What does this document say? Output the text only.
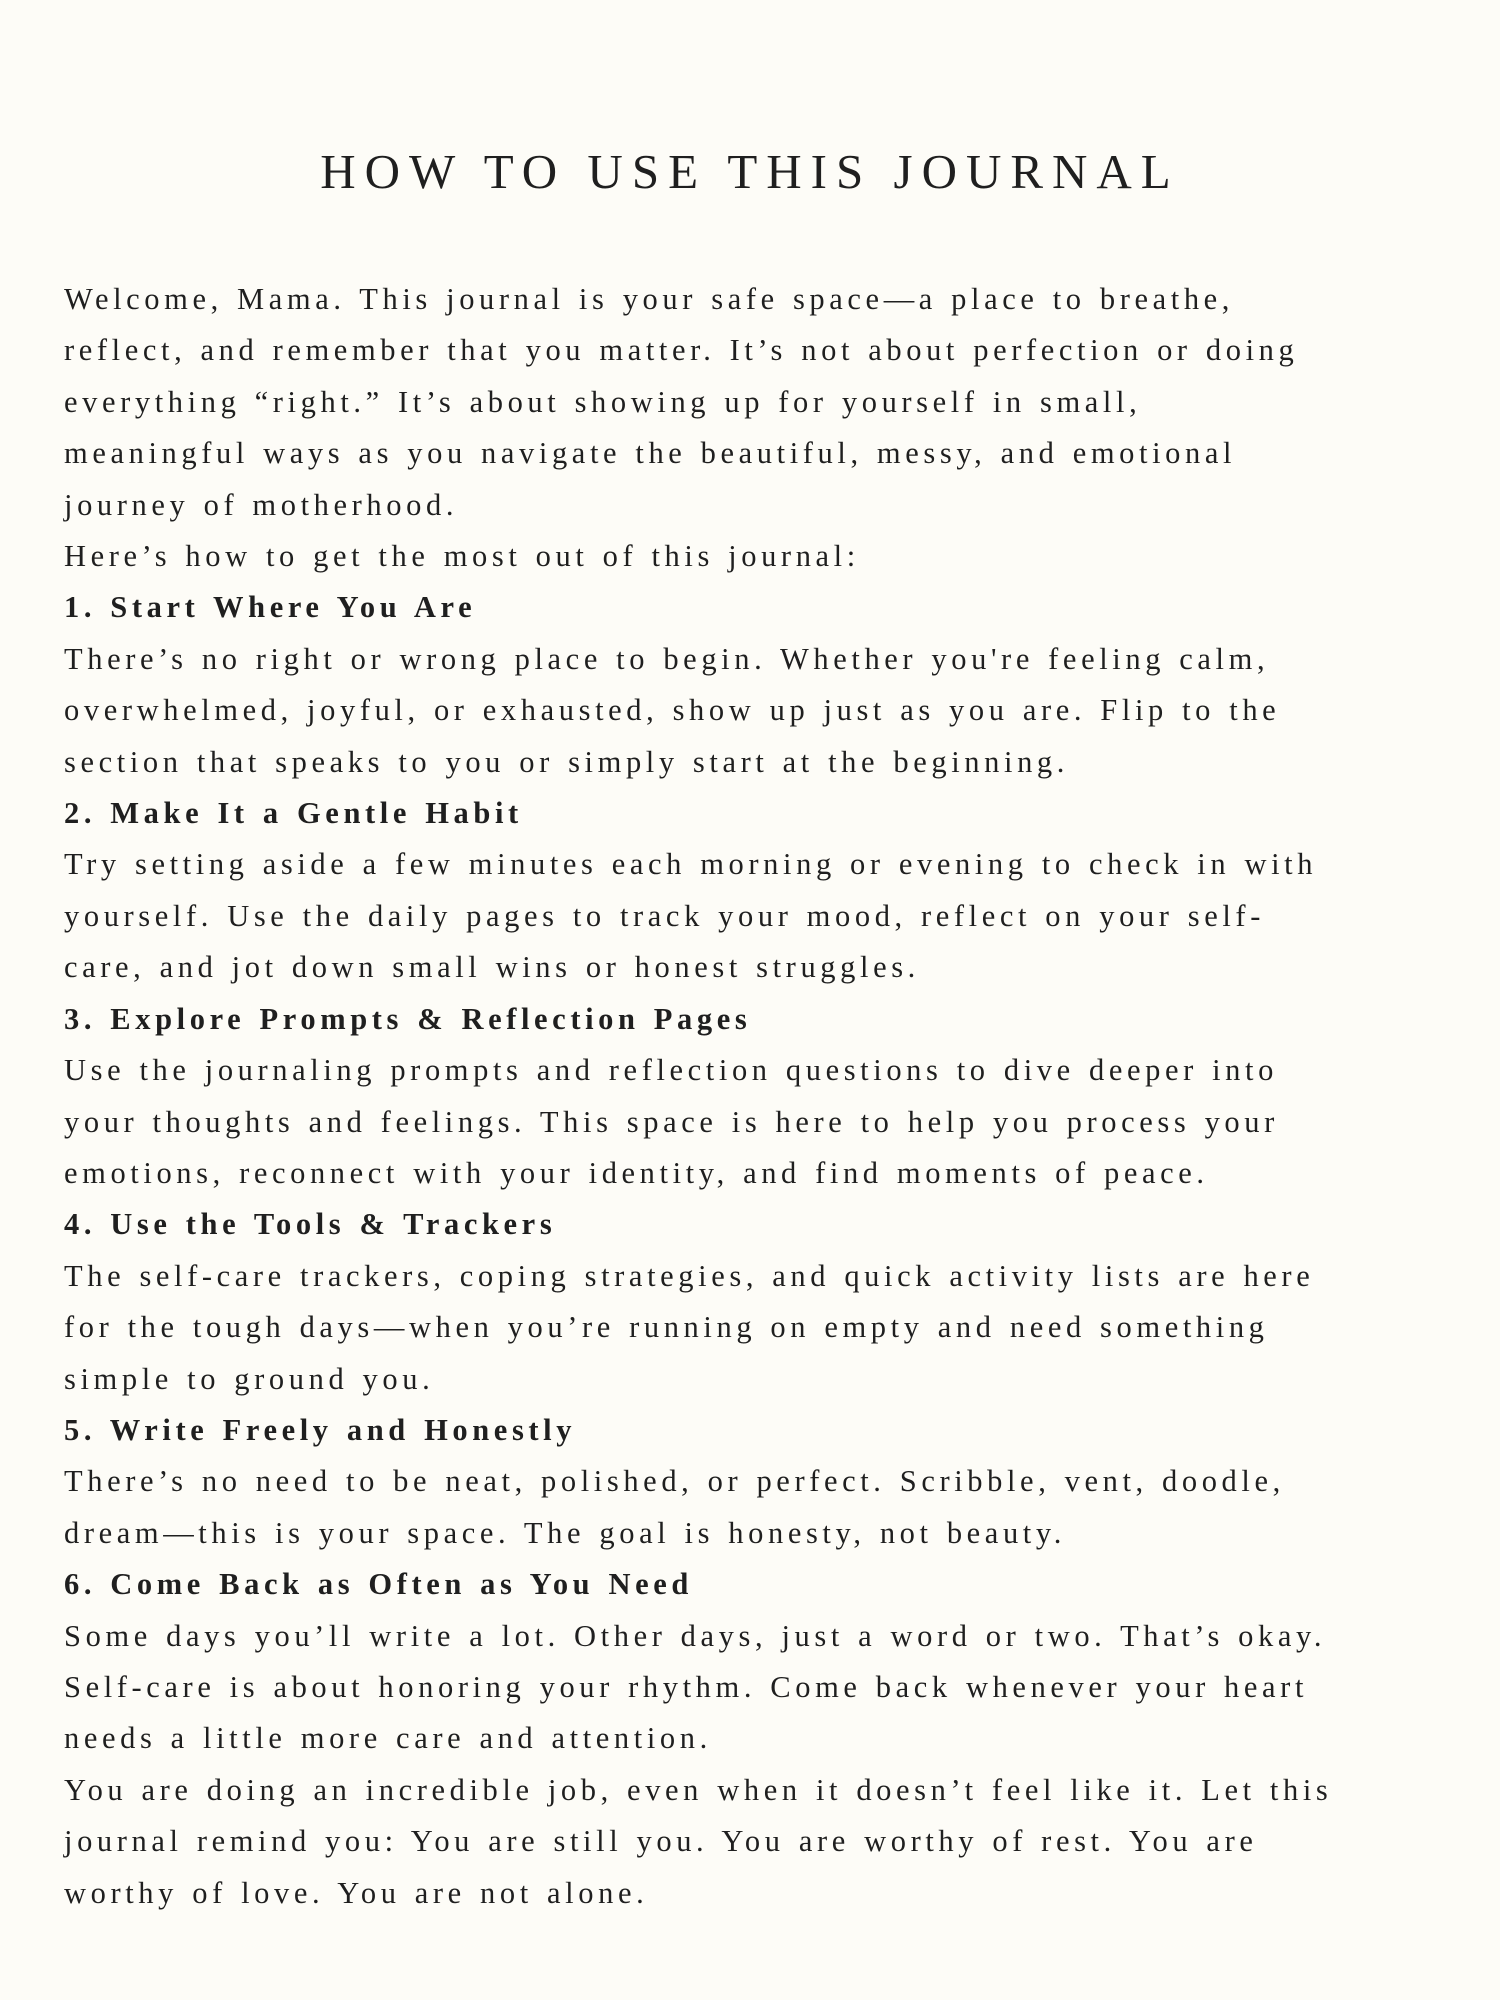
HOW TO USE THIS JOURNAL

Welcome, Mama. This journal is your safe space—a place to breathe,

reflect, and remember that you matter. It’s not about perfection or doing

everything “right.” It’s about showing up for yourself in small,

meaningful ways as you navigate the beautiful, messy, and emotional

journey of motherhood.

Here’s how to get the most out of this journal:

1. Start Where You Are

There’s no right or wrong place to begin. Whether you're feeling calm,

overwhelmed, joyful, or exhausted, show up just as you are. Flip to the

section that speaks to you or simply start at the beginning.

2. Make It a Gentle Habit

Try setting aside a few minutes each morning or evening to check in with

yourself. Use the daily pages to track your mood, reflect on your self-

care, and jot down small wins or honest struggles.

3. Explore Prompts & Reflection Pages

Use the journaling prompts and reflection questions to dive deeper into

your thoughts and feelings. This space is here to help you process your

emotions, reconnect with your identity, and find moments of peace.

4. Use the Tools & Trackers

The self-care trackers, coping strategies, and quick activity lists are here

for the tough days—when you’re running on empty and need something

simple to ground you.

5. Write Freely and Honestly

There’s no need to be neat, polished, or perfect. Scribble, vent, doodle,

dream—this is your space. The goal is honesty, not beauty.

6. Come Back as Often as You Need

Some days you’ll write a lot. Other days, just a word or two. That’s okay.

Self-care is about honoring your rhythm. Come back whenever your heart

needs a little more care and attention.

You are doing an incredible job, even when it doesn’t feel like it. Let this

journal remind you: You are still you. You are worthy of rest. You are

worthy of love. You are not alone.
